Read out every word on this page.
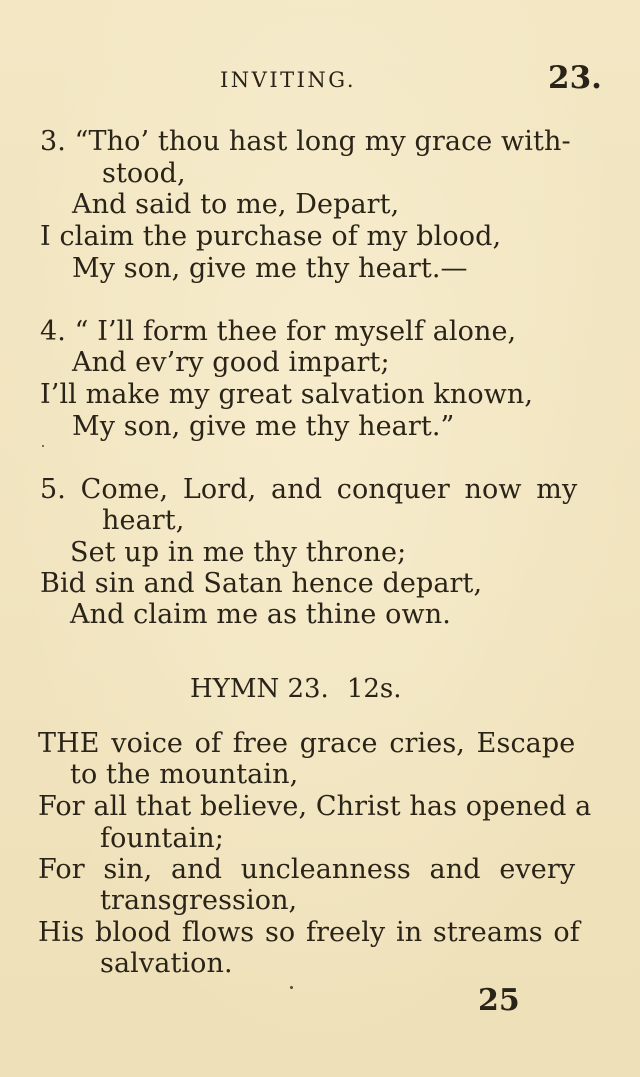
INVITING.	23.
3. “Tho’ thou hast long my grace with-
stood,
And said to me, Depart,
I claim the purchase of my blood,
My son, give me thy heart.—
4. “ I’ll form thee for myself alone,
And ev’ry good impart;
I’ll make my great salvation known,
My son, give me thy heart.”
5. Come, Lord, and conquer now my
heart,
Set up in me thy throne;
Bid sin and Satan hence depart,
And claim me as thine own.
HYMN 23. 12s.
THE voice of free grace cries, Escape
to the mountain,
For all that believe, Christ has opened a
fountain;
For sin, and uncleanness and every
transgression,
His blood flows so freely in streams of
salvation.
25
